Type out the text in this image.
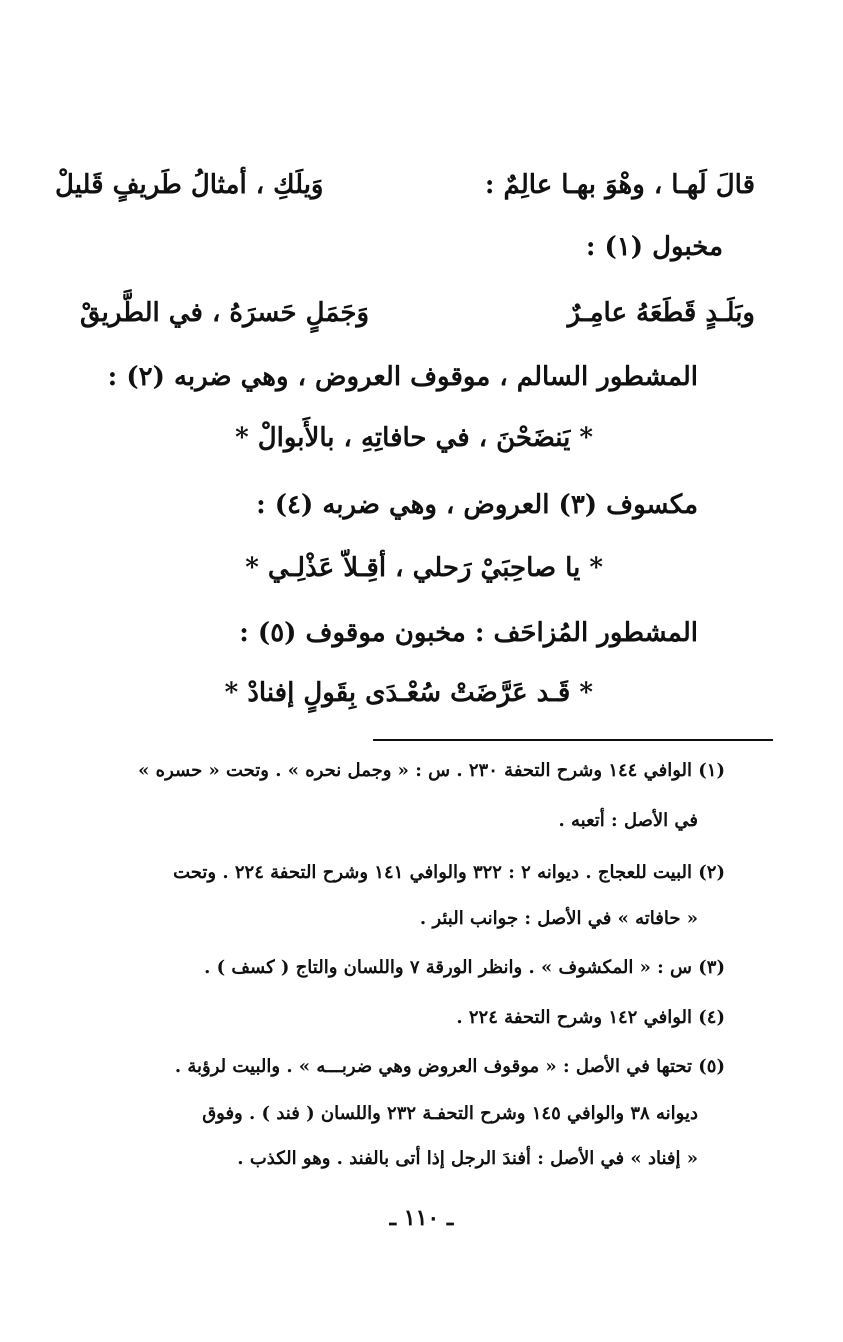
قالَ لَهـا ، وهْوَ بهـا عالِمٌ :
وَيلَكِ ، أمثالُ طَريفٍ قَليلْ
مخبول (١) :
وبَلَـدٍ قَطَعَهُ عامِـرٌ
وَجَمَلٍ حَسرَهُ ، في الطَّريقْ
المشطور السالم ، موقوف العروض ، وهي ضربه (٢) :
* يَنضَحْنَ ، في حافاتِهِ ، بالأَبوالْ *
مكسوف (٣) العروض ، وهي ضربه (٤) :
* يا صاحِبَيْ رَحلي ، أقِـلاّ عَذْلِـي *
المشطور المُزاحَف : مخبون موقوف (٥) :
* قَـد عَرَّضَتْ سُعْـدَى بِقَولٍ إفنادْ *
(١) الوافي ١٤٤ وشرح التحفة ٢٣٠ . س : « وجمل نحره » . وتحت « حسره »
في الأصل : أتعبه .
(٢) البيت للعجاج . ديوانه ٢ : ٣٢٢ والوافي ١٤١ وشرح التحفة ٢٢٤ . وتحت
« حافاته » في الأصل : جوانب البئر .
(٣) س : « المكشوف » . وانظر الورقة ٧ واللسان والتاج ( كسف ) .
(٤) الوافي ١٤٢ وشرح التحفة ٢٢٤ .
(٥) تحتها في الأصل : « موقوف العروض وهي ضربـــه » . والبيت لرؤبة .
ديوانه ٣٨ والوافي ١٤٥ وشرح التحفـة ٢٣٢ واللسان ( فند ) . وفوق
« إفناد » في الأصل : أفندَ الرجل إذا أتى بالفند . وهو الكذب .
ـ ١١٠ ـ
